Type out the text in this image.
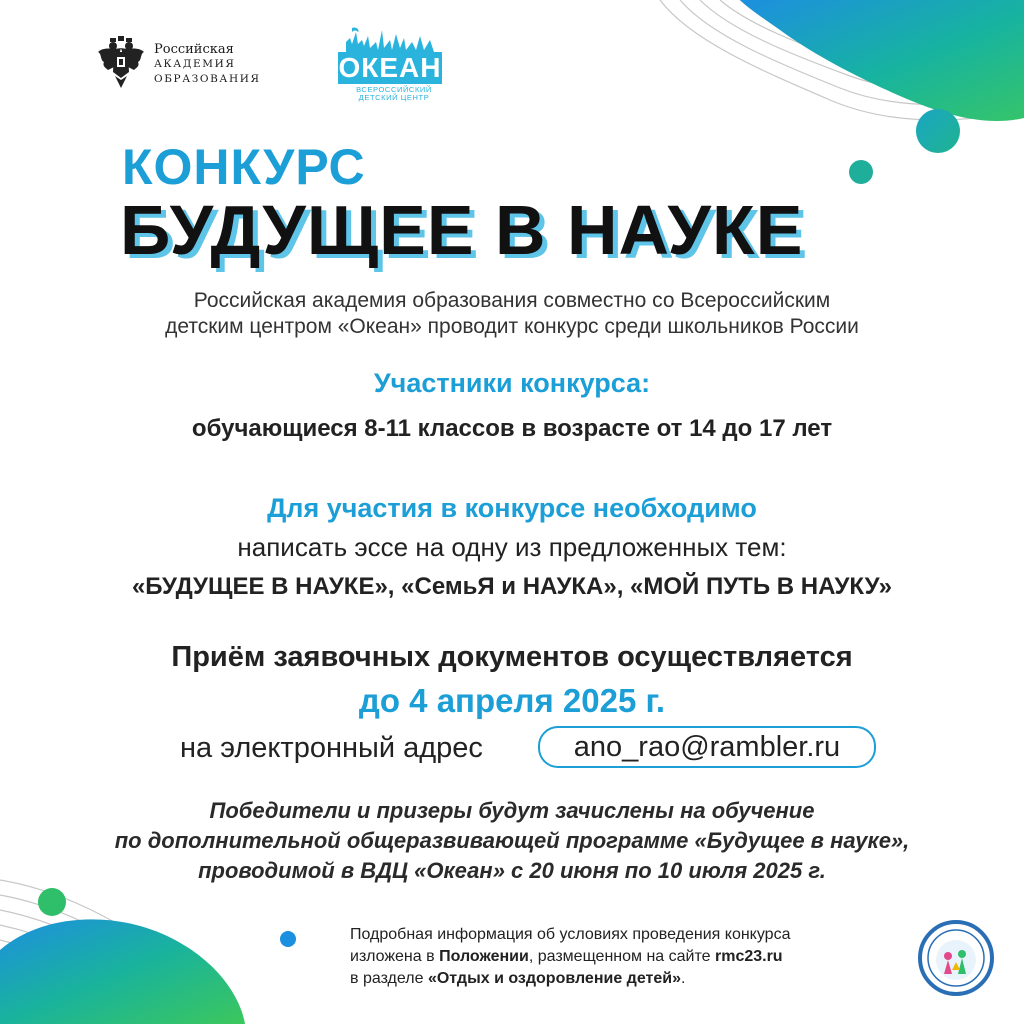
Российская
АКАДЕМИЯ
ОБРАЗОВАНИЯ	ОКЕАН
ВСЕРОССИЙСКИЙ
ДЕТСКИЙ ЦЕНТР
КОНКУРС
БУДУЩЕЕ В НАУКЕ
Российская академия образования совместно со Всероссийским
детским центром «Океан» проводит конкурс среди школьников России
Участники конкурса:
обучающиеся 8-11 классов в возрасте от 14 до 17 лет
Для участия в конкурсе необходимо
написать эссе на одну из предложенных тем:
«БУДУЩЕЕ В НАУКЕ», «СемьЯ и НАУКА», «МОЙ ПУТЬ В НАУКУ»
Приём заявочных документов осуществляется
до 4 апреля 2025 г.
на электронный адрес	ano_rao@rambler.ru
Победители и призеры будут зачислены на обучение
по дополнительной общеразвивающей программе «Будущее в науке»,
проводимой в ВДЦ «Океан» с 20 июня по 10 июля 2025 г.
Подробная информация об условиях проведения конкурса
изложена в Положении, размещенном на сайте rmc23.ru
в разделе «Отдых и оздоровление детей».
